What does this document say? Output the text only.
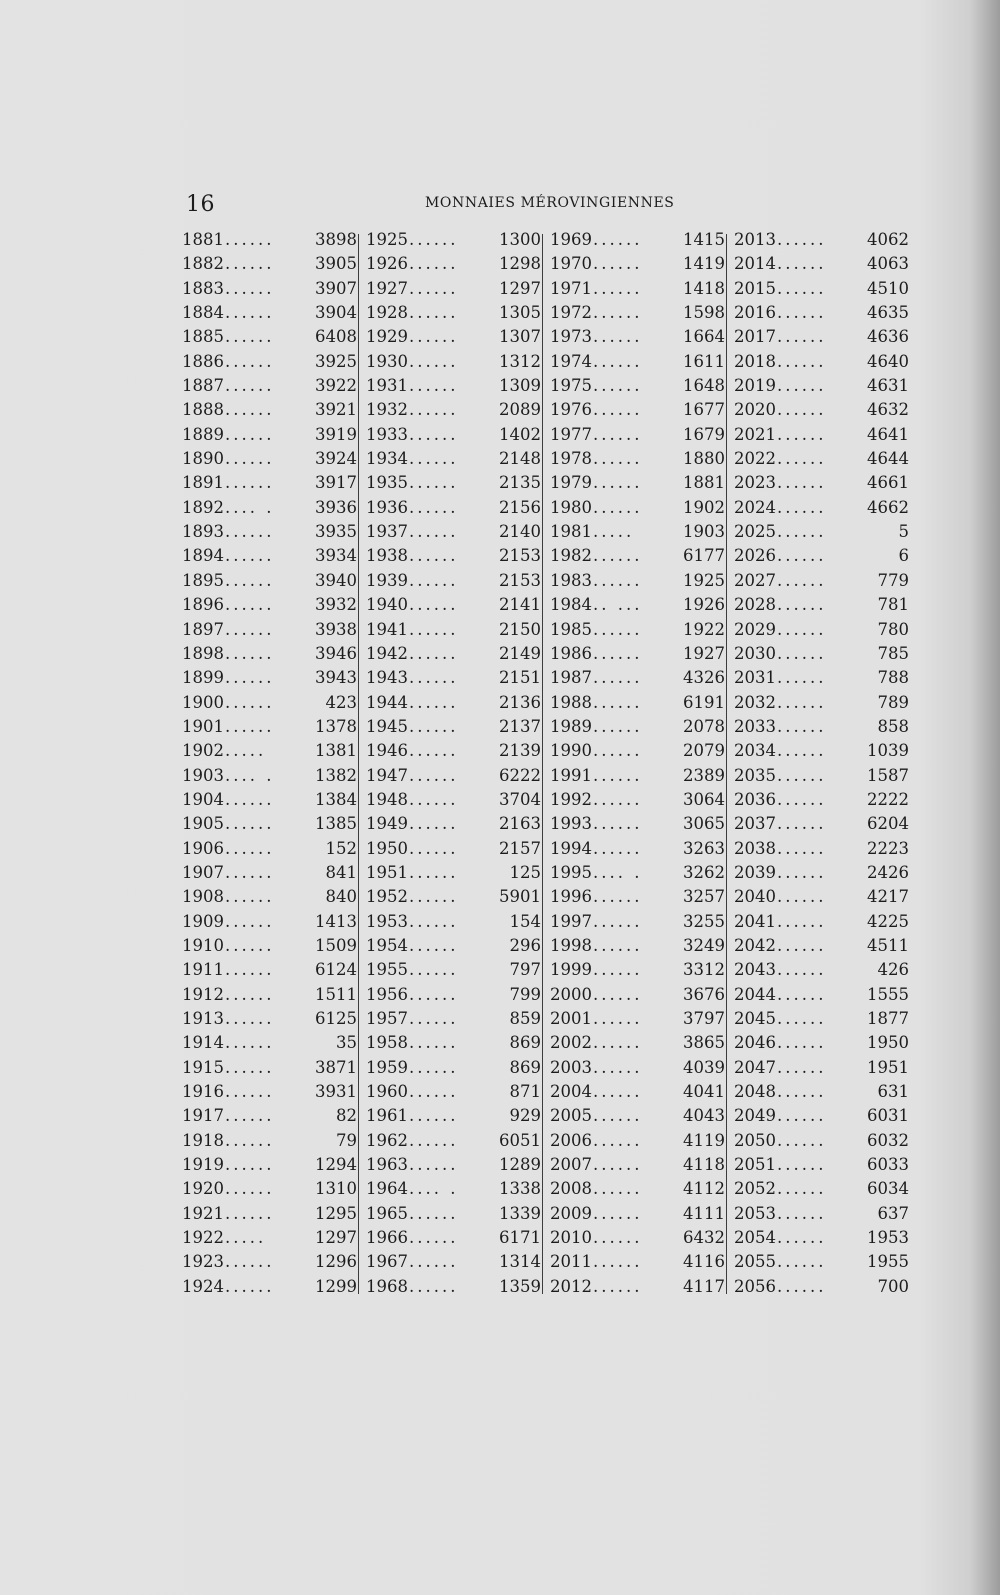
16	MONNAIES MÉROVINGIENNES
1881 ......	3898
1882 ......	3905
1883 ......	3907
1884 ......	3904
1885 ......	6408
1886 ......	3925
1887 ......	3922
1888 ......	3921
1889 ......	3919
1890 ......	3924
1891 ......	3917
1892 .... .	3936
1893 ......	3935
1894 ......	3934
1895 ......	3940
1896 ......	3932
1897 ......	3938
1898 ......	3946
1899 ......	3943
1900 ......	423
1901 ......	1378
1902 .....	1381
1903 .... .	1382
1904 ......	1384
1905 ......	1385
1906 ......	152
1907 ......	841
1908 ......	840
1909 ......	1413
1910 ......	1509
1911 ......	6124
1912 ......	1511
1913 ......	6125
1914 ......	35
1915 ......	3871
1916 ......	3931
1917 ......	82
1918 ......	79
1919 ......	1294
1920 ......	1310
1921 ......	1295
1922 .....	1297
1923 ......	1296
1924 ......	1299
1925 ......	1300
1926 ......	1298
1927 ......	1297
1928 ......	1305
1929 ......	1307
1930 ......	1312
1931 ......	1309
1932 ......	2089
1933 ......	1402
1934 ......	2148
1935 ......	2135
1936 ......	2156
1937 ......	2140
1938 ......	2153
1939 ......	2153
1940 ......	2141
1941 ......	2150
1942 ......	2149
1943 ......	2151
1944 ......	2136
1945 ......	2137
1946 ......	2139
1947 ......	6222
1948 ......	3704
1949 ......	2163
1950 ......	2157
1951 ......	125
1952 ......	5901
1953 ......	154
1954 ......	296
1955 ......	797
1956 ......	799
1957 ......	859
1958 ......	869
1959 ......	869
1960 ......	871
1961 ......	929
1962 ......	6051
1963 ......	1289
1964 .... .	1338
1965 ......	1339
1966 ......	6171
1967 ......	1314
1968 ......	1359
1969 ......	1415
1970 ......	1419
1971 ......	1418
1972 ......	1598
1973 ......	1664
1974 ......	1611
1975 ......	1648
1976 ......	1677
1977 ......	1679
1978 ......	1880
1979 ......	1881
1980 ......	1902
1981 .....	1903
1982 ......	6177
1983 ......	1925
1984 .. ...	1926
1985 ......	1922
1986 ......	1927
1987 ......	4326
1988 ......	6191
1989 ......	2078
1990 ......	2079
1991 ......	2389
1992 ......	3064
1993 ......	3065
1994 ......	3263
1995 .... .	3262
1996 ......	3257
1997 ......	3255
1998 ......	3249
1999 ......	3312
2000 ......	3676
2001 ......	3797
2002 ......	3865
2003 ......	4039
2004 ......	4041
2005 ......	4043
2006 ......	4119
2007 ......	4118
2008 ......	4112
2009 ......	4111
2010 ......	6432
2011 ......	4116
2012 ......	4117
2013 ......	4062
2014 ......	4063
2015 ......	4510
2016 ......	4635
2017 ......	4636
2018 ......	4640
2019 ......	4631
2020 ......	4632
2021 ......	4641
2022 ......	4644
2023 ......	4661
2024 ......	4662
2025 ......	5
2026 ......	6
2027 ......	779
2028 ......	781
2029 ......	780
2030 ......	785
2031 ......	788
2032 ......	789
2033 ......	858
2034 ......	1039
2035 ......	1587
2036 ......	2222
2037 ......	6204
2038 ......	2223
2039 ......	2426
2040 ......	4217
2041 ......	4225
2042 ......	4511
2043 ......	426
2044 ......	1555
2045 ......	1877
2046 ......	1950
2047 ......	1951
2048 ......	631
2049 ......	6031
2050 ......	6032
2051 ......	6033
2052 ......	6034
2053 ......	637
2054 ......	1953
2055 ......	1955
2056 ......	700
